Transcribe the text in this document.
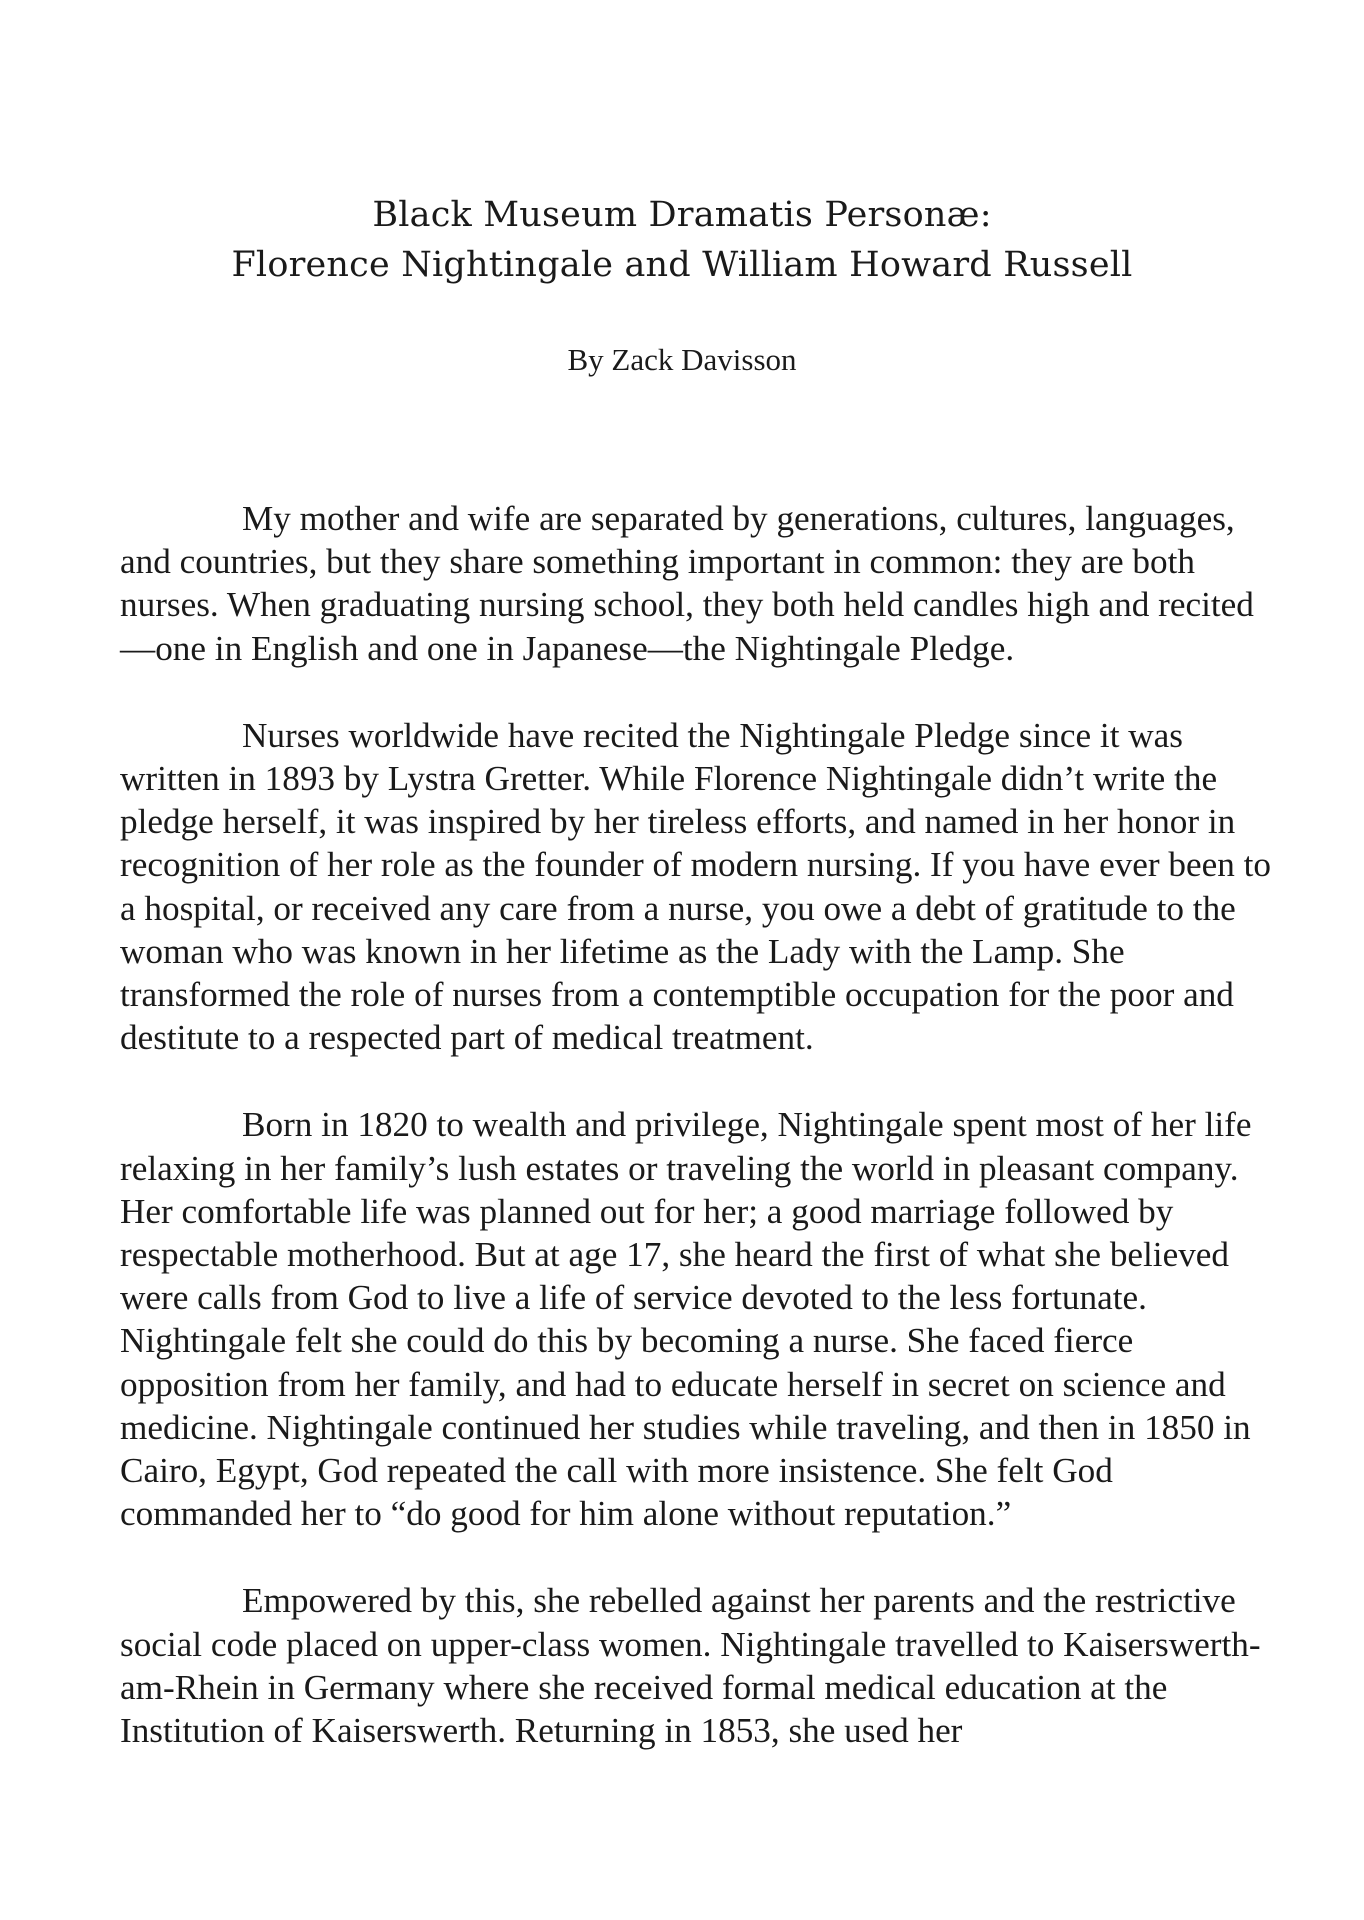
Black Museum Dramatis Personæ:
Florence Nightingale and William Howard Russell
By Zack Davisson

My mother and wife are separated by generations, cultures, languages, and countries, but they share something important in common: they are both nurses. When graduating nursing school, they both held candles high and recited—one in English and one in Japanese—the Nightingale Pledge.

Nurses worldwide have recited the Nightingale Pledge since it was written in 1893 by Lystra Gretter. While Florence Nightingale didn’t write the pledge herself, it was inspired by her tireless efforts, and named in her honor in recognition of her role as the founder of modern nursing. If you have ever been to a hospital, or received any care from a nurse, you owe a debt of gratitude to the woman who was known in her lifetime as the Lady with the Lamp. She transformed the role of nurses from a contemptible occupation for the poor and destitute to a respected part of medical treatment.

Born in 1820 to wealth and privilege, Nightingale spent most of her life relaxing in her family’s lush estates or traveling the world in pleasant company. Her comfortable life was planned out for her; a good marriage followed by respectable motherhood. But at age 17, she heard the first of what she believed were calls from God to live a life of service devoted to the less fortunate. Nightingale felt she could do this by becoming a nurse. She faced fierce opposition from her family, and had to educate herself in secret on science and medicine. Nightingale continued her studies while traveling, and then in 1850 in Cairo, Egypt, God repeated the call with more insistence. She felt God commanded her to “do good for him alone without reputation.”

Empowered by this, she rebelled against her parents and the restrictive social code placed on upper-class women. Nightingale travelled to Kaiserswerth-am-Rhein in Germany where she received formal medical education at the Institution of Kaiserswerth. Returning in 1853, she used her
